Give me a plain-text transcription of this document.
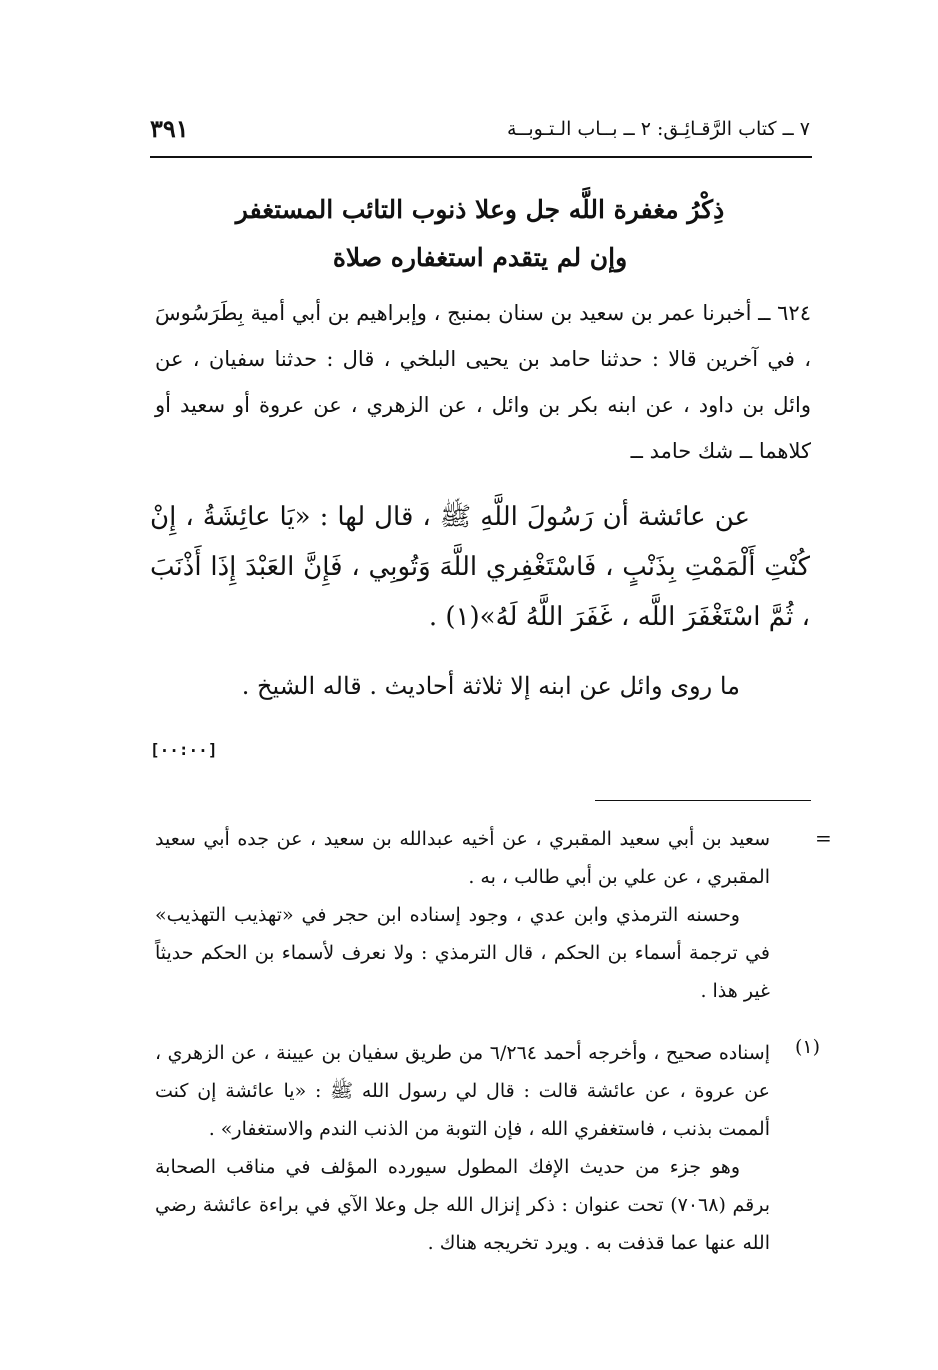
٧ ــ كتاب الرَّقـائِـق: ٢ ــ بــاب الـتـوبــة
٣٩١
ذِكْرُ مغفرة اللَّه جل وعلا ذنوب التائب المستغفر
وإن لم يتقدم استغفاره صلاة
٦٢٤ ــ أخبرنا عمر بن سعيد بن سنان بمنبج ، وإبراهيم بن أبي أمية بِطَرَسُوسَ ، في آخرين قالا : حدثنا حامد بن يحيى البلخي ، قال : حدثنا سفيان ، عن وائل بن داود ، عن ابنه بكر بن وائل ، عن الزهري ، عن عروة أو سعيد أو كلاهما ــ شك حامد ــ
عن عائشة أن رَسُولَ اللَّهِ ﷺ ، قال لها : «يَا عائِشَةُ ، إِنْ كُنْتِ أَلْمَمْتِ بِذَنْبٍ ، فَاسْتَغْفِري اللَّهَ وَتُوبِي ، فَإِنَّ العَبْدَ إِذَا أَذْنَبَ ، ثُمَّ اسْتَغْفَرَ اللَّه ، غَفَرَ اللَّهُ لَهُ»(١) .
ما روى وائل عن ابنه إلا ثلاثة أحاديث . قاله الشيخ .
[٠٠:٠٠]
=

سعيد بن أبي سعيد المقبري ، عن أخيه عبدالله بن سعيد ، عن جده أبي سعيد المقبري ، عن علي بن أبي طالب ، به .

وحسنه الترمذي وابن عدي ، وجود إسناده ابن حجر في «تهذيب التهذيب» في ترجمة أسماء بن الحكم ، قال الترمذي : ولا نعرف لأسماء بن الحكم حديثاً غير هذا .

(١)

إسناده صحيح ، وأخرجه أحمد ٦/٢٦٤ من طريق سفيان بن عيينة ، عن الزهري ، عن عروة ، عن عائشة قالت : قال لي رسول الله ﷺ : «يا عائشة إن كنت ألممت بذنب ، فاستغفري الله ، فإن التوبة من الذنب الندم والاستغفار» .

وهو جزء من حديث الإفك المطول سيورده المؤلف في مناقب الصحابة برقم (٧٠٦٨) تحت عنوان : ذكر إنزال الله جل وعلا الآي في براءة عائشة رضي الله عنها عما قذفت به . ويرد تخريجه هناك .
